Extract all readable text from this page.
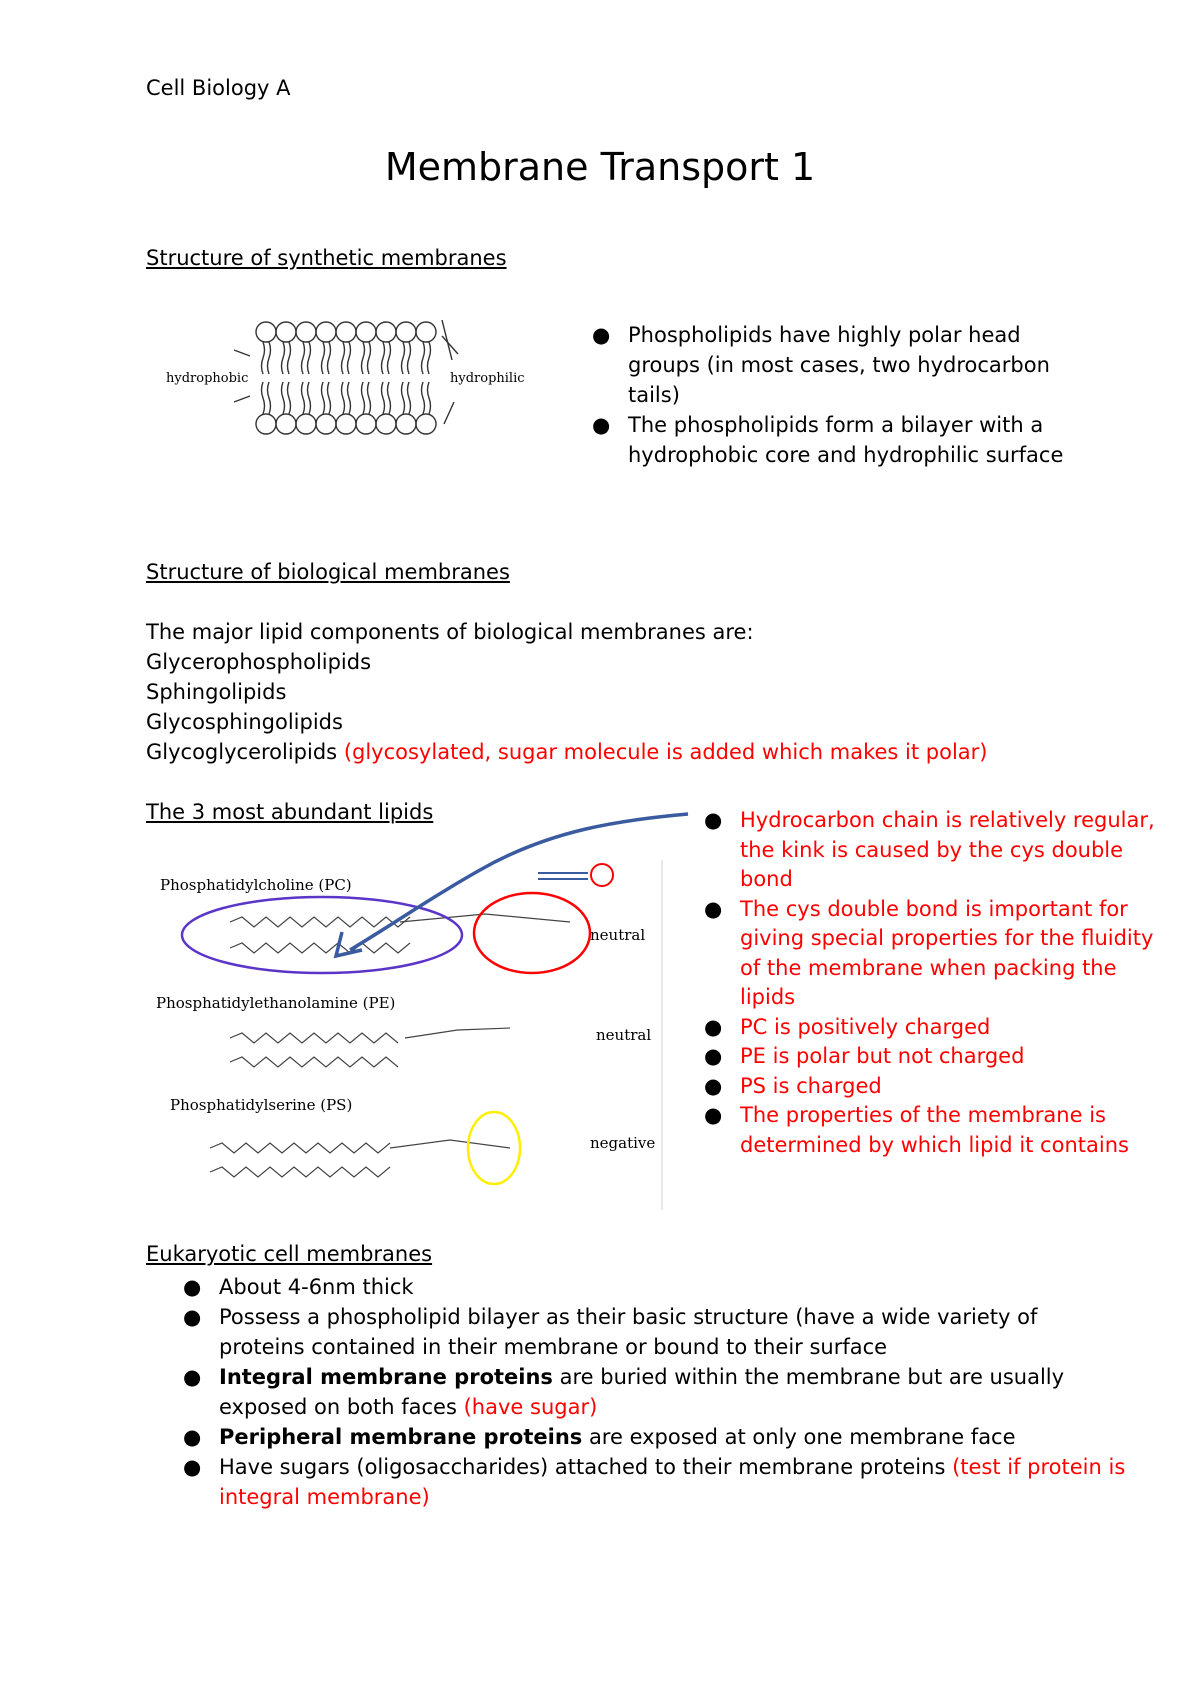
Cell Biology A
Membrane Transport 1
Structure of synthetic membranes
hydrophobic	hydrophilic
● Phospholipids have highly polar head
groups (in most cases, two hydrocarbon
tails)
● The phospholipids form a bilayer with a
hydrophobic core and hydrophilic surface
Structure of biological membranes
The major lipid components of biological membranes are:
Glycerophospholipids
Sphingolipids
Glycosphingolipids
Glycoglycerolipids (glycosylated, sugar molecule is added which makes it polar)
The 3 most abundant lipids
Phosphatidylcholine (PC)
neutral
Phosphatidylethanolamine (PE)
neutral
Phosphatidylserine (PS)
negative
● Hydrocarbon chain is relatively regular,
the kink is caused by the cys double
bond
● The cys double bond is important for
giving special properties for the fluidity
of the membrane when packing the
lipids
● PC is positively charged
● PE is polar but not charged
● PS is charged
● The properties of the membrane is
determined by which lipid it contains
Eukaryotic cell membranes
● About 4-6nm thick
● Possess a phospholipid bilayer as their basic structure (have a wide variety of
proteins contained in their membrane or bound to their surface
● Integral membrane proteins are buried within the membrane but are usually
exposed on both faces (have sugar)
● Peripheral membrane proteins are exposed at only one membrane face
● Have sugars (oligosaccharides) attached to their membrane proteins (test if protein is
integral membrane)
